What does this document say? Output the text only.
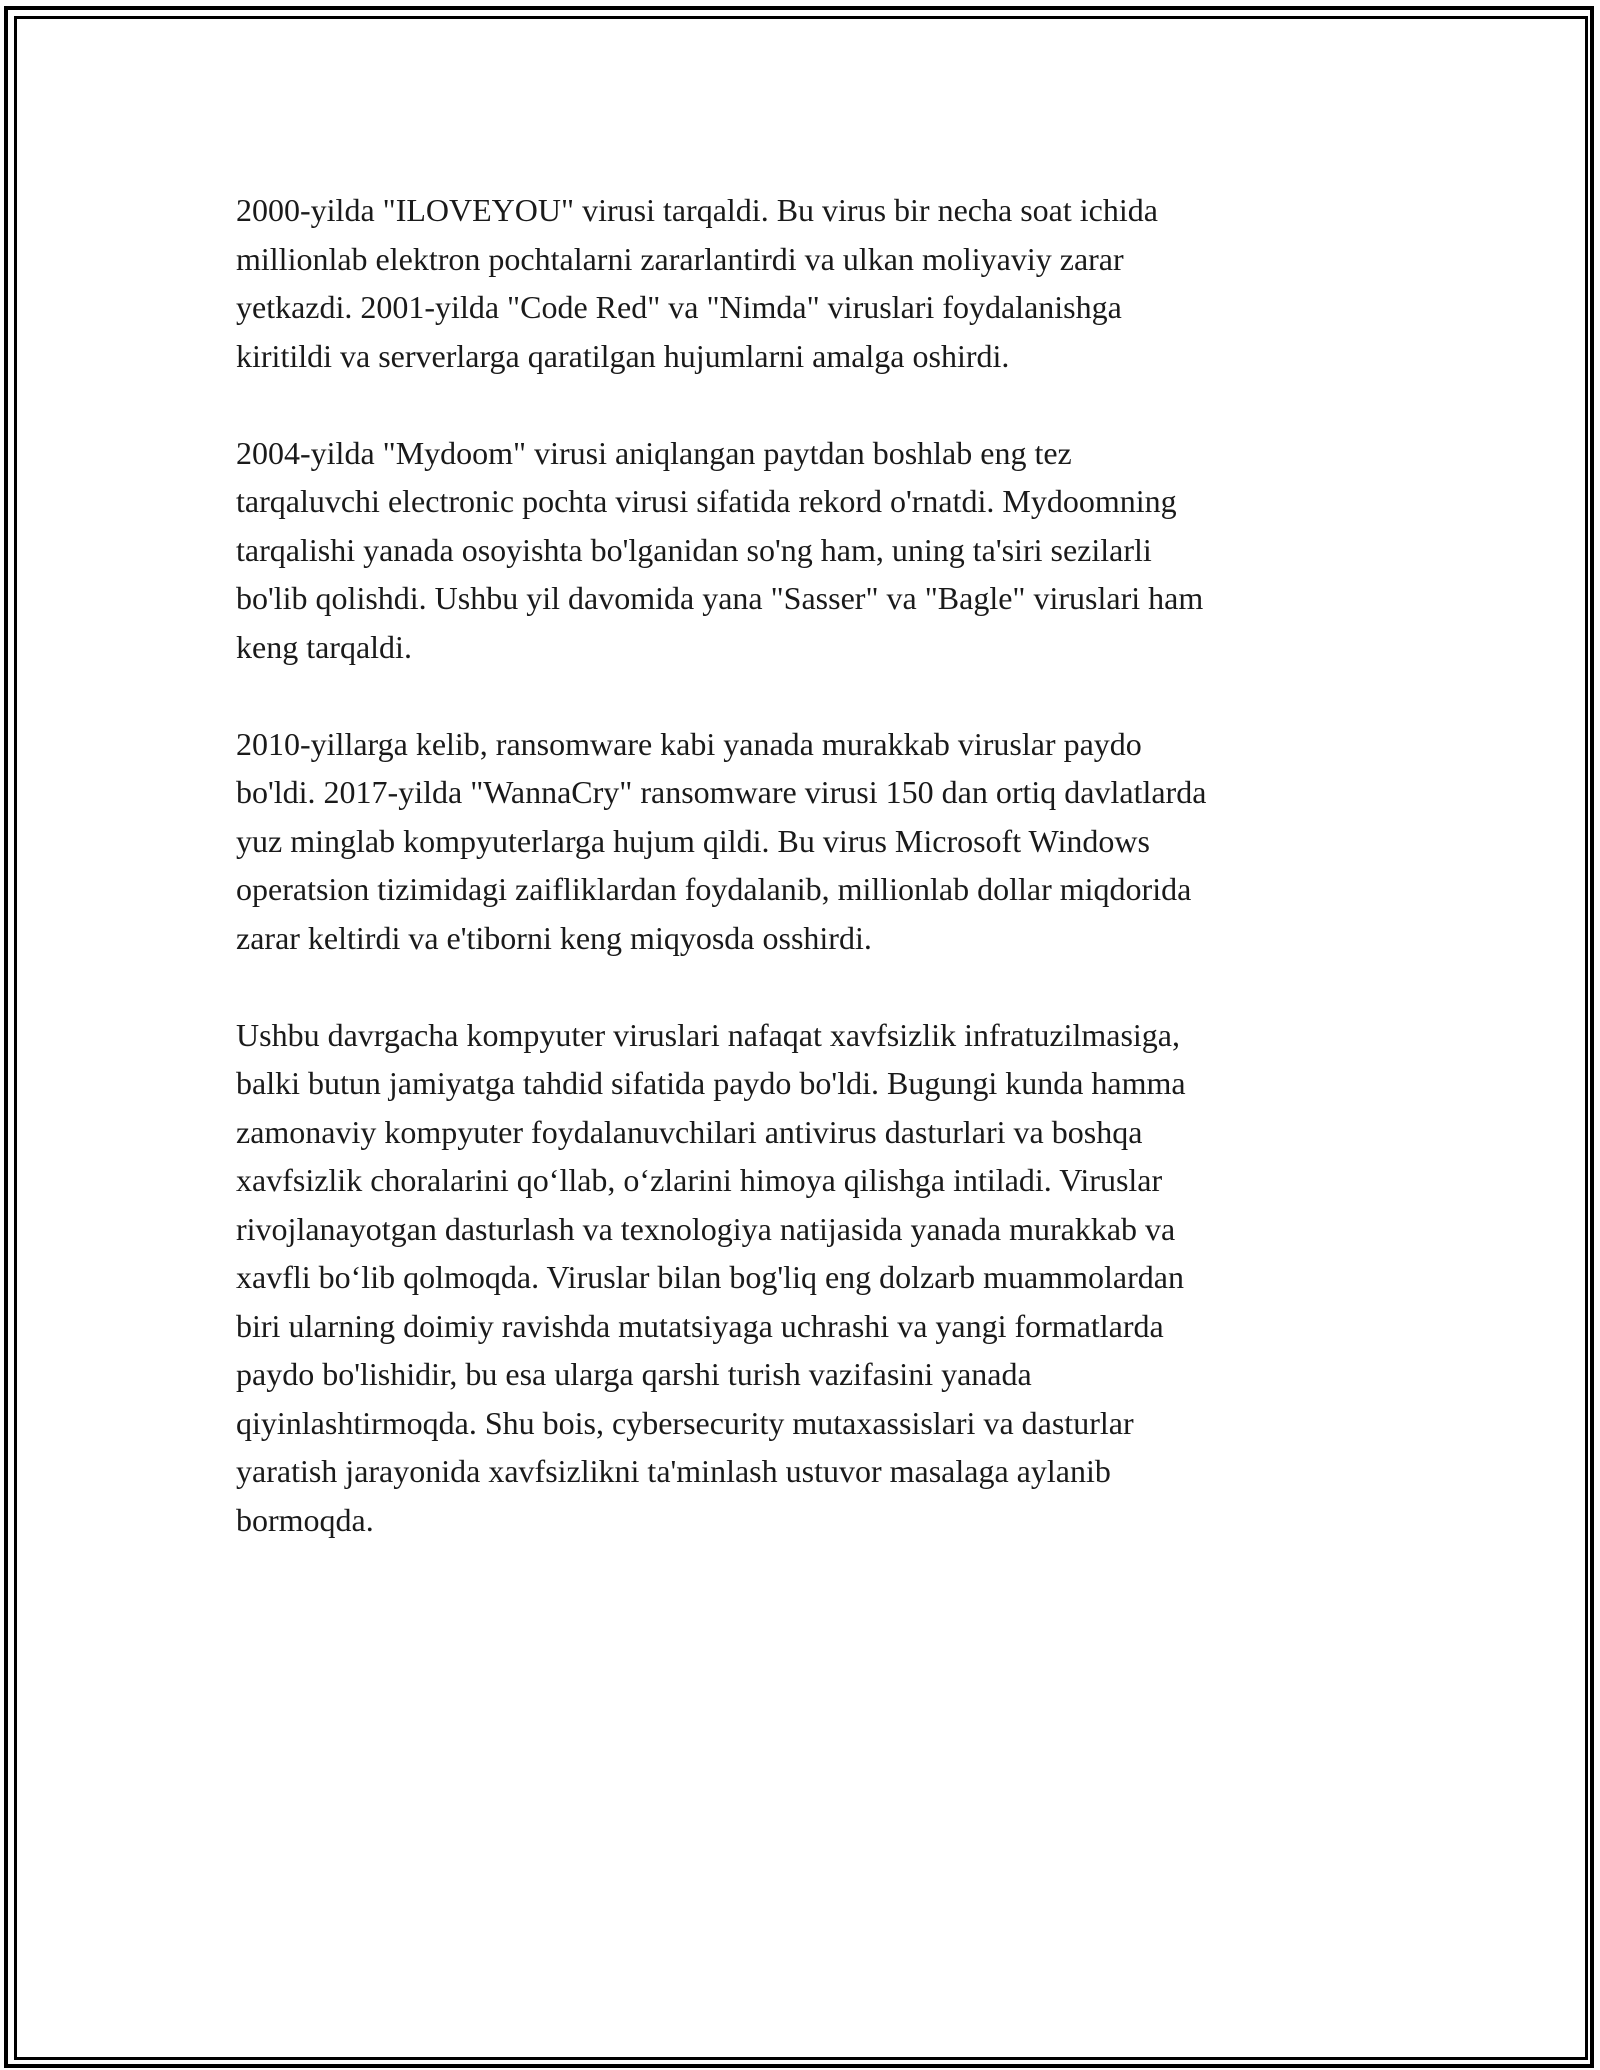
2000-yilda "ILOVEYOU" virusi tarqaldi. Bu virus bir necha soat ichida
millionlab elektron pochtalarni zararlantirdi va ulkan moliyaviy zarar
yetkazdi. 2001-yilda "Code Red" va "Nimda" viruslari foydalanishga
kiritildi va serverlarga qaratilgan hujumlarni amalga oshirdi.

2004-yilda "Mydoom" virusi aniqlangan paytdan boshlab eng tez
tarqaluvchi electronic pochta virusi sifatida rekord o'rnatdi. Mydoomning
tarqalishi yanada osoyishta bo'lganidan so'ng ham, uning ta'siri sezilarli
bo'lib qolishdi. Ushbu yil davomida yana "Sasser" va "Bagle" viruslari ham
keng tarqaldi.

2010-yillarga kelib, ransomware kabi yanada murakkab viruslar paydo
bo'ldi. 2017-yilda "WannaCry" ransomware virusi 150 dan ortiq davlatlarda
yuz minglab kompyuterlarga hujum qildi. Bu virus Microsoft Windows
operatsion tizimidagi zaifliklardan foydalanib, millionlab dollar miqdorida
zarar keltirdi va e'tiborni keng miqyosda osshirdi.

Ushbu davrgacha kompyuter viruslari nafaqat xavfsizlik infratuzilmasiga,
balki butun jamiyatga tahdid sifatida paydo bo'ldi. Bugungi kunda hamma
zamonaviy kompyuter foydalanuvchilari antivirus dasturlari va boshqa
xavfsizlik choralarini qo‘llab, o‘zlarini himoya qilishga intiladi. Viruslar
rivojlanayotgan dasturlash va texnologiya natijasida yanada murakkab va
xavfli bo‘lib qolmoqda. Viruslar bilan bog'liq eng dolzarb muammolardan
biri ularning doimiy ravishda mutatsiyaga uchrashi va yangi formatlarda
paydo bo'lishidir, bu esa ularga qarshi turish vazifasini yanada
qiyinlashtirmoqda. Shu bois, cybersecurity mutaxassislari va dasturlar
yaratish jarayonida xavfsizlikni ta'minlash ustuvor masalaga aylanib
bormoqda.
